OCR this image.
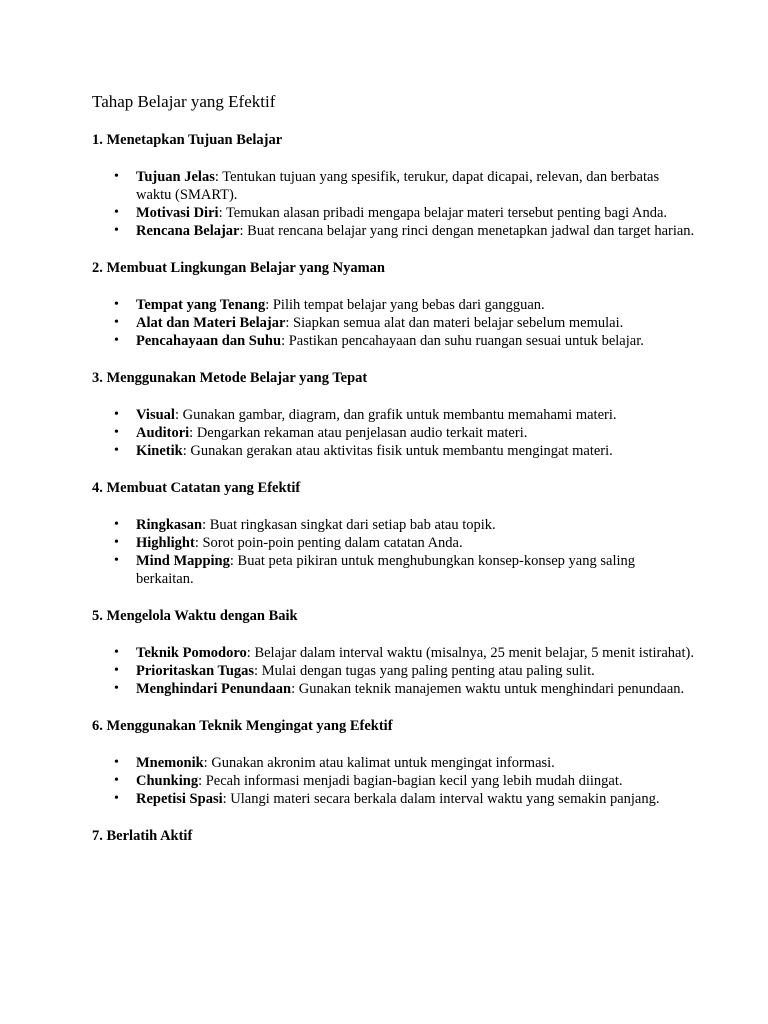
Tahap Belajar yang Efektif
1. Menetapkan Tujuan Belajar
•	Tujuan Jelas: Tentukan tujuan yang spesifik, terukur, dapat dicapai, relevan, dan berbatas waktu (SMART).
•	Motivasi Diri: Temukan alasan pribadi mengapa belajar materi tersebut penting bagi Anda.
•	Rencana Belajar: Buat rencana belajar yang rinci dengan menetapkan jadwal dan target harian.
2. Membuat Lingkungan Belajar yang Nyaman
•	Tempat yang Tenang: Pilih tempat belajar yang bebas dari gangguan.
•	Alat dan Materi Belajar: Siapkan semua alat dan materi belajar sebelum memulai.
•	Pencahayaan dan Suhu: Pastikan pencahayaan dan suhu ruangan sesuai untuk belajar.
3. Menggunakan Metode Belajar yang Tepat
•	Visual: Gunakan gambar, diagram, dan grafik untuk membantu memahami materi.
•	Auditori: Dengarkan rekaman atau penjelasan audio terkait materi.
•	Kinetik: Gunakan gerakan atau aktivitas fisik untuk membantu mengingat materi.
4. Membuat Catatan yang Efektif
•	Ringkasan: Buat ringkasan singkat dari setiap bab atau topik.
•	Highlight: Sorot poin-poin penting dalam catatan Anda.
•	Mind Mapping: Buat peta pikiran untuk menghubungkan konsep-konsep yang saling berkaitan.
5. Mengelola Waktu dengan Baik
•	Teknik Pomodoro: Belajar dalam interval waktu (misalnya, 25 menit belajar, 5 menit istirahat).
•	Prioritaskan Tugas: Mulai dengan tugas yang paling penting atau paling sulit.
•	Menghindari Penundaan: Gunakan teknik manajemen waktu untuk menghindari penundaan.
6. Menggunakan Teknik Mengingat yang Efektif
•	Mnemonik: Gunakan akronim atau kalimat untuk mengingat informasi.
•	Chunking: Pecah informasi menjadi bagian-bagian kecil yang lebih mudah diingat.
•	Repetisi Spasi: Ulangi materi secara berkala dalam interval waktu yang semakin panjang.
7. Berlatih Aktif
